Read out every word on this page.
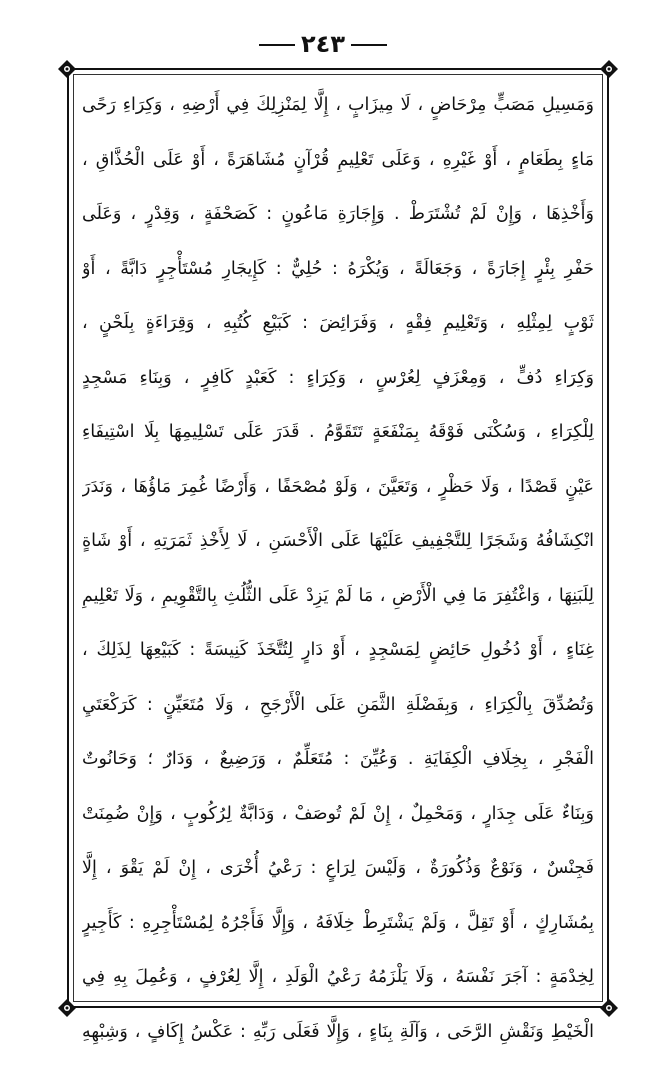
٢٤٣
وَمَسِيلِ مَصَبٍّ مِرْحَاضٍ ، لَا مِيزَابٍ ، إِلَّا لِمَنْزِلِكَ فِي أَرْضِهِ ، وَكِرَاءِ رَحًى
مَاءٍ بِطَعَامٍ ، أَوْ غَيْرِهِ ، وَعَلَى تَعْلِيمِ قُرْآنٍ مُشَاهَرَةً ، أَوْ عَلَى الْحُذَّاقِ ،
وَأَخْذِهَا ، وَإِنْ لَمْ تُشْتَرَطْ . وَإِجَارَةِ مَاعُونٍ : كَصَحْفَةٍ ، وَقِدْرٍ ، وَعَلَى
حَفْرِ بِئْرٍ إِجَارَةً ، وَجَعَالَةً ، وَيُكْرَهُ : حُلِيٌّ : كَإِيجَارِ مُسْتَأْجِرٍ دَابَّةً ، أَوْ
ثَوْبٍ لِمِثْلِهِ ، وَتَعْلِيمِ فِقْهٍ ، وَفَرَائِضَ : كَبَيْعِ كُتُبِهِ ، وَقِرَاءَةٍ بِلَحْنٍ ،
وَكِرَاءِ دُفٍّ ، وَمِعْزَفٍ لِعُرْسٍ ، وَكِرَاءٍ : كَعَبْدٍ كَافِرٍ ، وَبِنَاءِ مَسْجِدٍ
لِلْكِرَاءِ ، وَسُكْنَى فَوْقَهُ بِمَنْفَعَةٍ تَتَقَوَّمُ . قَدَرَ عَلَى تَسْلِيمِهَا بِلَا اسْتِيفَاءِ
عَيْنٍ قَصْدًا ، وَلَا حَظْرٍ ، وَتَعَيَّنَ ، وَلَوْ مُصْحَفًا ، وَأَرْضًا غُمِرَ مَاؤُهَا ، وَنَدَرَ
انْكِشَافُهُ وَشَجَرًا لِلتَّجْفِيفِ عَلَيْهَا عَلَى الْأَحْسَنِ ، لَا لِأَخْذِ ثَمَرَتِهِ ، أَوْ شَاةٍ
لِلَبَنِهَا ، وَاغْتُفِرَ مَا فِي الْأَرْضِ ، مَا لَمْ يَزِدْ عَلَى الثُّلُثِ بِالتَّقْوِيمِ ، وَلَا تَعْلِيمِ
غِنَاءٍ ، أَوْ دُخُولِ حَائِضٍ لِمَسْجِدٍ ، أَوْ دَارٍ لِتُتَّخَذَ كَنِيسَةً : كَبَيْعِهَا لِذَلِكَ ،
وَتُصُدِّقَ بِالْكِرَاءِ ، وَبِفَضْلَةِ الثَّمَنِ عَلَى الْأَرْجَحِ ، وَلَا مُتَعَيِّنٍ : كَرَكْعَتَيِ
الْفَجْرِ ، بِخِلَافِ الْكِفَايَةِ . وَعُيِّنَ : مُتَعَلِّمٌ ، وَرَضِيعٌ ، وَدَارٌ ؛ وَحَانُوتٌ
وَبِنَاءٌ عَلَى جِدَارٍ ، وَمَحْمِلٌ ، إِنْ لَمْ تُوصَفْ ، وَدَابَّةٌ لِرُكُوبٍ ، وَإِنْ ضُمِنَتْ
فَجِنْسٌ ، وَنَوْعٌ وَذُكُورَةٌ ، وَلَيْسَ لِرَاعٍ : رَعْيُ أُخْرَى ، إِنْ لَمْ يَقْوَ ، إِلَّا
بِمُشَارِكٍ ، أَوْ تَقِلَّ ، وَلَمْ يَشْتَرِطْ خِلَافَهُ ، وَإِلَّا فَأَجْرُهُ لِمُسْتَأْجِرِهِ : كَأَجِيرٍ
لِخِدْمَةٍ : آجَرَ نَفْسَهُ ، وَلَا يَلْزَمُهُ رَعْيُ الْوَلَدِ ، إِلَّا لِعُرْفٍ ، وَعُمِلَ بِهِ فِي
الْخَيْطِ وَنَقْشِ الرَّحَى ، وَآلَةِ بِنَاءٍ ، وَإِلَّا فَعَلَى رَبِّهِ : عَكْسُ إِكَافٍ ، وَشِبْهِهِ
